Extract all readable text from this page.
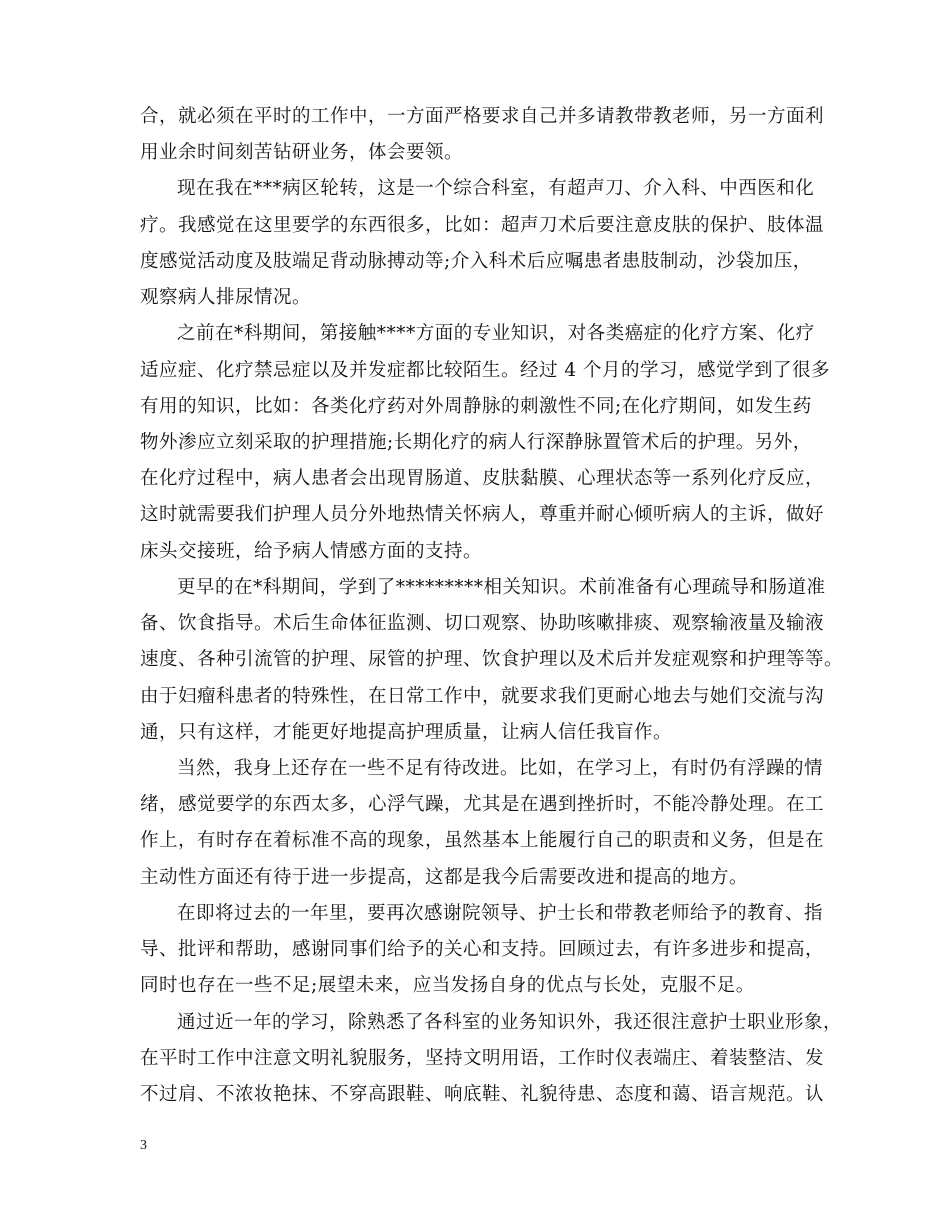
合，就必须在平时的工作中，一方面严格要求自己并多请教带教老师，另一方面利
用业余时间刻苦钻研业务，体会要领。
现在我在***病区轮转，这是一个综合科室，有超声刀、介入科、中西医和化
疗。我感觉在这里要学的东西很多，比如：超声刀术后要注意皮肤的保护、肢体温
度感觉活动度及肢端足背动脉搏动等;介入科术后应嘱患者患肢制动，沙袋加压，
观察病人排尿情况。
之前在*科期间，第接触****方面的专业知识，对各类癌症的化疗方案、化疗
适应症、化疗禁忌症以及并发症都比较陌生。经过 4 个月的学习，感觉学到了很多
有用的知识，比如：各类化疗药对外周静脉的刺激性不同;在化疗期间，如发生药
物外渗应立刻采取的护理措施;长期化疗的病人行深静脉置管术后的护理。另外，
在化疗过程中，病人患者会出现胃肠道、皮肤黏膜、心理状态等一系列化疗反应，
这时就需要我们护理人员分外地热情关怀病人，尊重并耐心倾听病人的主诉，做好
床头交接班，给予病人情感方面的支持。
更早的在*科期间，学到了*********相关知识。术前准备有心理疏导和肠道准
备、饮食指导。术后生命体征监测、切口观察、协助咳嗽排痰、观察输液量及输液
速度、各种引流管的护理、尿管的护理、饮食护理以及术后并发症观察和护理等等。
由于妇瘤科患者的特殊性，在日常工作中，就要求我们更耐心地去与她们交流与沟
通，只有这样，才能更好地提高护理质量，让病人信任我盲作。
当然，我身上还存在一些不足有待改进。比如，在学习上，有时仍有浮躁的情
绪，感觉要学的东西太多，心浮气躁，尤其是在遇到挫折时，不能冷静处理。在工
作上，有时存在着标准不高的现象，虽然基本上能履行自己的职责和义务，但是在
主动性方面还有待于进一步提高，这都是我今后需要改进和提高的地方。
在即将过去的一年里，要再次感谢院领导、护士长和带教老师给予的教育、指
导、批评和帮助，感谢同事们给予的关心和支持。回顾过去，有许多进步和提高，
同时也存在一些不足;展望未来，应当发扬自身的优点与长处，克服不足。
通过近一年的学习，除熟悉了各科室的业务知识外，我还很注意护士职业形象，
在平时工作中注意文明礼貌服务，坚持文明用语，工作时仪表端庄、着装整洁、发
不过肩、不浓妆艳抹、不穿高跟鞋、响底鞋、礼貌待患、态度和蔼、语言规范。认
3
